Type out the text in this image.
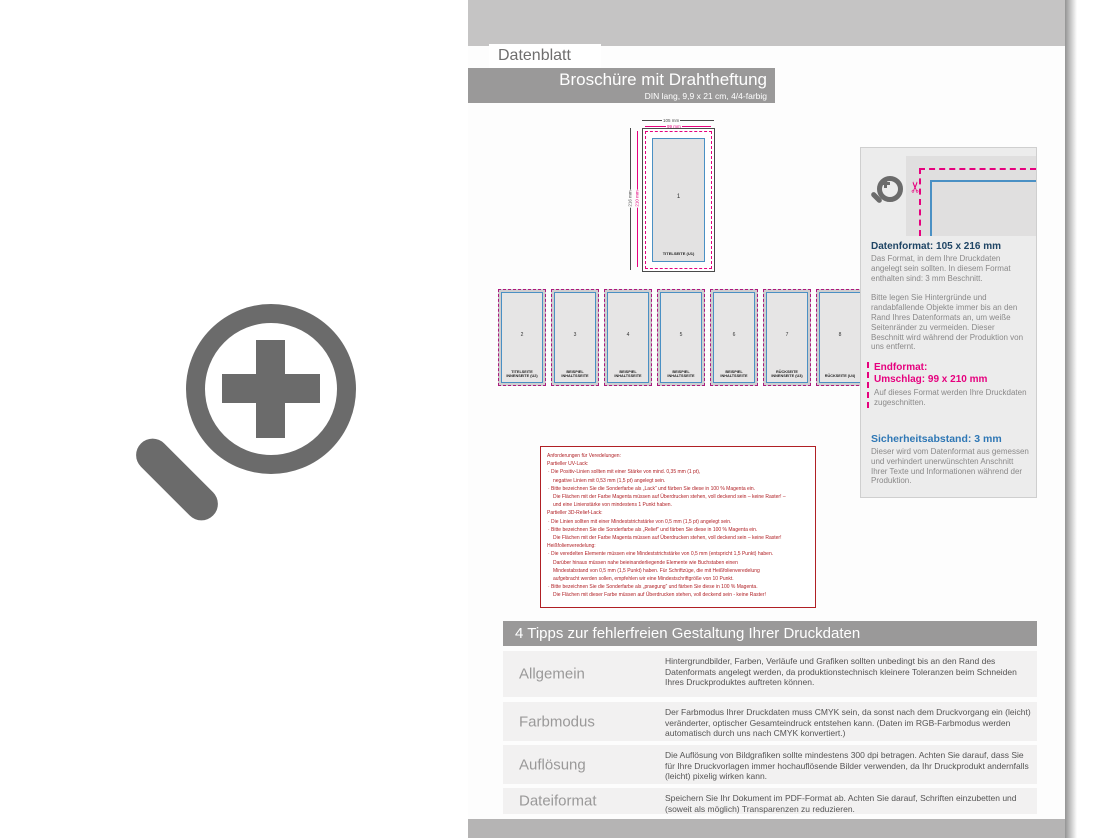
Datenblatt
Broschüre mit Drahtheftung
DIN lang, 9,9 x 21 cm, 4/4-farbig
105 mm
99 mm
216 mm 210 mm	1
TITELSEITE (U1)
2
TITELSEITE
INNENSEITE (U2)
3
BEISPIEL
INHALTSSEITE
4
BEISPIEL
INHALTSSEITE
5
BEISPIEL
INHALTSSEITE
6
BEISPIEL
INHALTSSEITE
7
RÜCKSEITE
INNENSEITE (U3)
8
RÜCKSEITE (U4)

Anforderungen für Veredelungen:
Partieller UV-Lack:
· Die Positiv-Linien sollten mit einer Stärke von mind. 0,35 mm (1 pt),
negative Linien mit 0,53 mm (1,5 pt) angelegt sein.
· Bitte bezeichnen Sie die Sonderfarbe als „Lack“ und färben Sie diese in 100 % Magenta ein.
Die Flächen mit der Farbe Magenta müssen auf Überdrucken stehen, voll deckend sein – keine Raster! –
und eine Linienstärke von mindestens 1 Punkt haben.
Partieller 3D-Relief-Lack:
· Die Linien sollten mit einer Mindeststrichstärke von 0,5 mm (1,5 pt) angelegt sein.
· Bitte bezeichnen Sie die Sonderfarbe als „Relief“ und färben Sie diese in 100 % Magenta ein.
Die Flächen mit der Farbe Magenta müssen auf Überdrucken stehen, voll deckend sein – keine Raster!
Heißfolienveredelung:
· Die veredelten Elemente müssen eine Mindeststrichstärke von 0,5 mm (entspricht 1,5 Punkt) haben.
Darüber hinaus müssen nahe beieinanderliegende Elemente wie Buchstaben einen
Mindestabstand von 0,5 mm (1,5 Punkt) haben. Für Schriftzüge, die mit Heißfolienveredelung
aufgebracht werden sollen, empfehlen wir eine Mindestschriftgröße von 10 Punkt.
· Bitte bezeichnen Sie die Sonderfarbe als „praegung“ und färben Sie diese in 100 % Magenta.
Die Flächen mit dieser Farbe müssen auf Überdrucken stehen, voll deckend sein - keine Raster!
✂

Datenformat: 105 x 216 mm

Das Format, in dem Ihre Druckdaten angelegt sein sollten. In diesem Format enthalten sind: 3 mm Beschnitt.

Bitte legen Sie Hintergründe und randabfallende Objekte immer bis an den Rand Ihres Datenformats an, um weiße Seitenränder zu vermeiden. Dieser Beschnitt wird während der Produktion von uns entfernt.

Endformat:

Umschlag: 99 x 210 mm

Auf dieses Format werden Ihre Druckdaten zugeschnitten.

Sicherheitsabstand: 3 mm

Dieser wird vom Datenformat aus gemessen und verhindert unerwünschten Anschnitt Ihrer Texte und Informationen während der Produktion.

4 Tipps zur fehlerfreien Gestaltung Ihrer Druckdaten
Allgemein
Hintergrundbilder, Farben, Verläufe und Grafiken sollten unbedingt bis an den Rand des Datenformats angelegt werden, da produktionstechnisch kleinere Toleranzen beim Schneiden Ihres Druckproduktes auftreten können.
Farbmodus
Der Farbmodus Ihrer Druckdaten muss CMYK sein, da sonst nach dem Druckvorgang ein (leicht) veränderter, optischer Gesamteindruck entstehen kann. (Daten im RGB-Farbmodus werden automatisch durch uns nach CMYK konvertiert.)
Auflösung
Die Auflösung von Bildgrafiken sollte mindestens 300 dpi betragen. Achten Sie darauf, dass Sie für Ihre Druckvorlagen immer hochauflösende Bilder verwenden, da Ihr Druckprodukt andernfalls (leicht) pixelig wirken kann.
Dateiformat	Speichern Sie Ihr Dokument im PDF-Format ab. Achten Sie darauf, Schriften einzubetten und (soweit als möglich) Transparenzen zu reduzieren.
